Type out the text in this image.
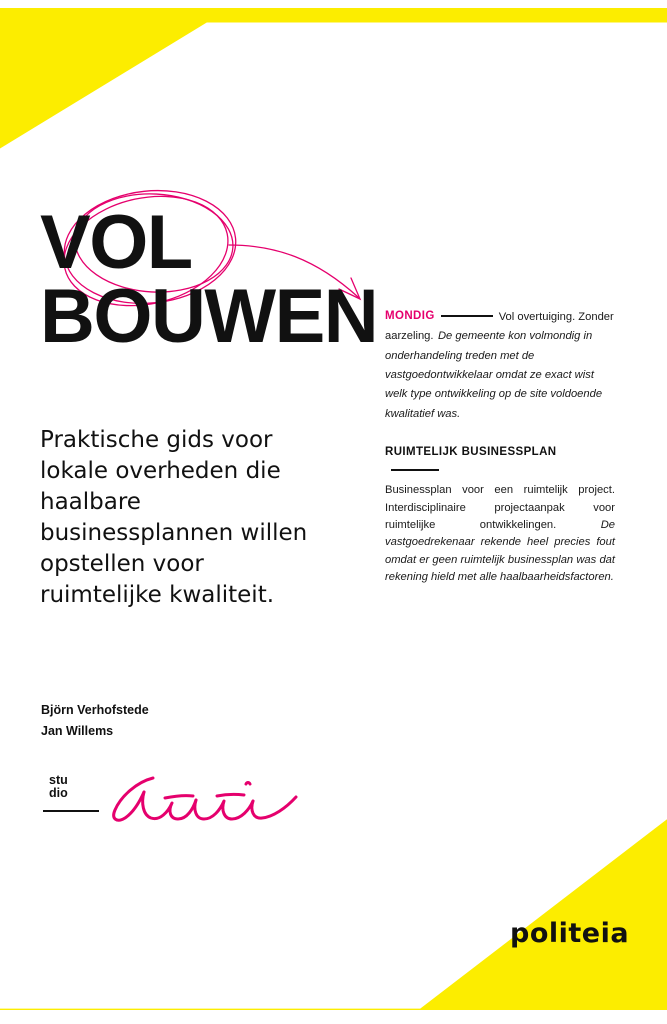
VOL
BOUWEN
Praktische gids voor lokale overheden die haalbare businessplannen willen opstellen voor ruimtelijke kwaliteit.
MONDIG	Vol overtuiging. Zonder aarzeling. De gemeente kon volmondig in onderhandeling treden met de vastgoedontwikkelaar omdat ze exact wist welk type ontwikkeling op de site voldoende kwalitatief was.
RUIMTELIJK BUSINESSPLAN
Businessplan voor een ruimtelijk project. Interdisciplinaire projectaanpak voor ruimtelijke ontwikkelingen.	De vastgoedrekenaar rekende heel precies fout omdat er geen ruimtelijk businessplan was dat rekening hield met alle haalbaarheidsfactoren.
Björn Verhofstede
Jan Willems
stu
dio
politeia
